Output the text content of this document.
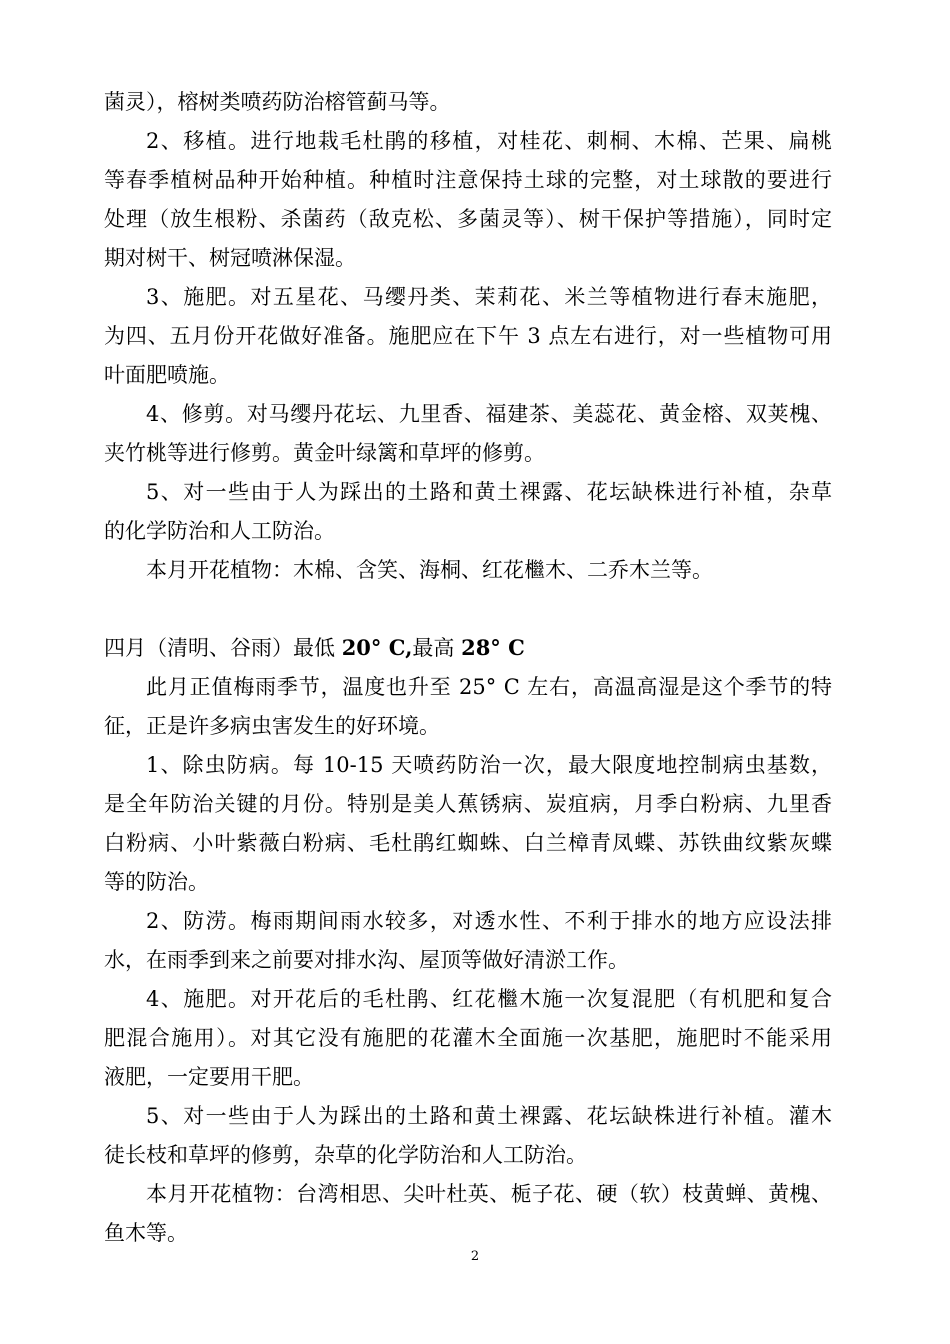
菌灵），榕树类喷药防治榕管蓟马等。
2、移植。进行地栽毛杜鹃的移植，对桂花、刺桐、木棉、芒果、扁桃
等春季植树品种开始种植。种植时注意保持土球的完整，对土球散的要进行
处理（放生根粉、杀菌药（敌克松、多菌灵等）、树干保护等措施），同时定
期对树干、树冠喷淋保湿。
3、施肥。对五星花、马缨丹类、茉莉花、米兰等植物进行春末施肥，
为四、五月份开花做好准备。施肥应在下午 3 点左右进行，对一些植物可用
叶面肥喷施。
4、修剪。对马缨丹花坛、九里香、福建茶、美蕊花、黄金榕、双荚槐、
夹竹桃等进行修剪。黄金叶绿篱和草坪的修剪。
5、对一些由于人为踩出的土路和黄土裸露、花坛缺株进行补植，杂草
的化学防治和人工防治。
本月开花植物：木棉、含笑、海桐、红花檵木、二乔木兰等。
四月（清明、谷雨）最低 20° C,最高 28° C
此月正值梅雨季节，温度也升至 25° C 左右，高温高湿是这个季节的特
征，正是许多病虫害发生的好环境。
1、除虫防病。每 10-15 天喷药防治一次，最大限度地控制病虫基数，
是全年防治关键的月份。特别是美人蕉锈病、炭疽病，月季白粉病、九里香
白粉病、小叶紫薇白粉病、毛杜鹃红蜘蛛、白兰樟青凤蝶、苏铁曲纹紫灰蝶
等的防治。
2、防涝。梅雨期间雨水较多，对透水性、不利于排水的地方应设法排
水，在雨季到来之前要对排水沟、屋顶等做好清淤工作。
4、施肥。对开花后的毛杜鹃、红花檵木施一次复混肥（有机肥和复合
肥混合施用）。对其它没有施肥的花灌木全面施一次基肥，施肥时不能采用
液肥，一定要用干肥。
5、对一些由于人为踩出的土路和黄土裸露、花坛缺株进行补植。灌木
徒长枝和草坪的修剪，杂草的化学防治和人工防治。
本月开花植物：台湾相思、尖叶杜英、栀子花、硬（软）枝黄蝉、黄槐、
鱼木等。
2
